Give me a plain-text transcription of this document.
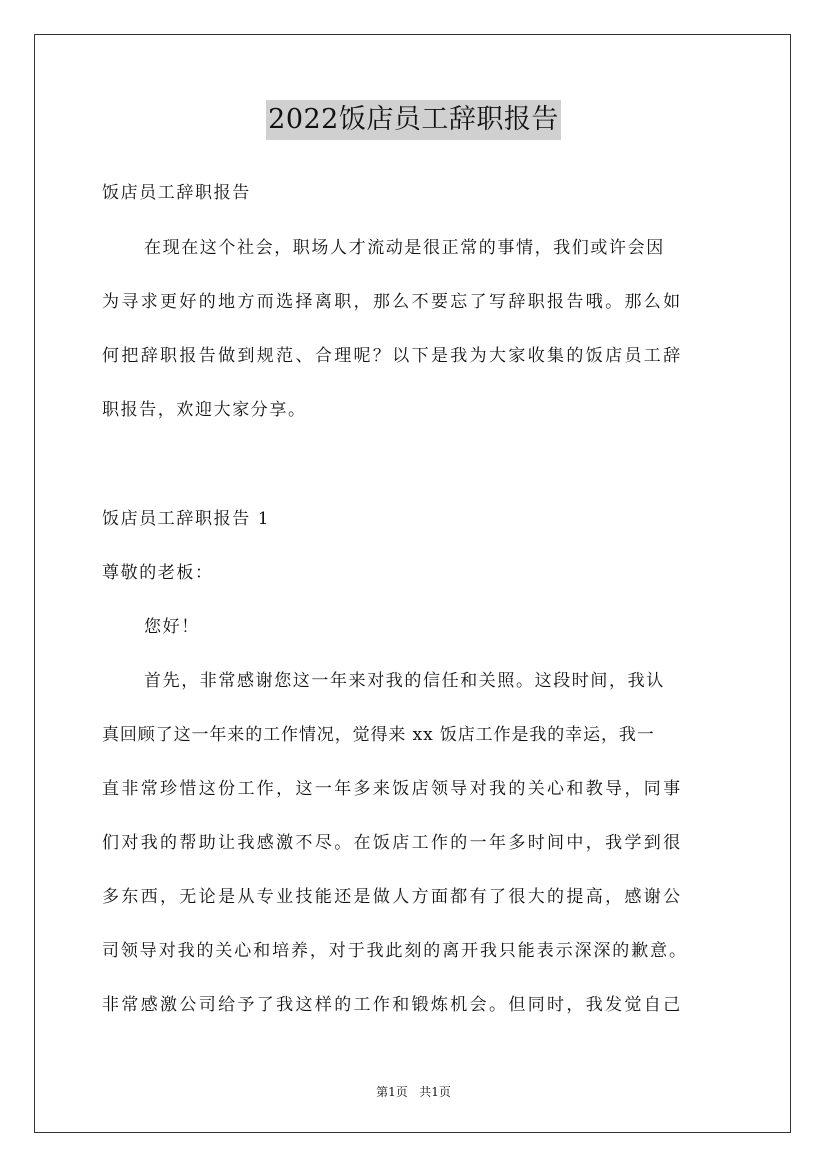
2022饭店员工辞职报告
饭店员工辞职报告
在现在这个社会，职场人才流动是很正常的事情，我们或许会因
为寻求更好的地方而选择离职，那么不要忘了写辞职报告哦。那么如
何把辞职报告做到规范、合理呢？以下是我为大家收集的饭店员工辞
职报告，欢迎大家分享。
饭店员工辞职报告 1
尊敬的老板：
您好！
首先，非常感谢您这一年来对我的信任和关照。这段时间，我认
真回顾了这一年来的工作情况，觉得来 xx 饭店工作是我的幸运，我一
直非常珍惜这份工作，这一年多来饭店领导对我的关心和教导，同事
们对我的帮助让我感激不尽。在饭店工作的一年多时间中，我学到很
多东西，无论是从专业技能还是做人方面都有了很大的提高，感谢公
司领导对我的关心和培养，对于我此刻的离开我只能表示深深的歉意。
非常感激公司给予了我这样的工作和锻炼机会。但同时，我发觉自己
第1页   共1页
